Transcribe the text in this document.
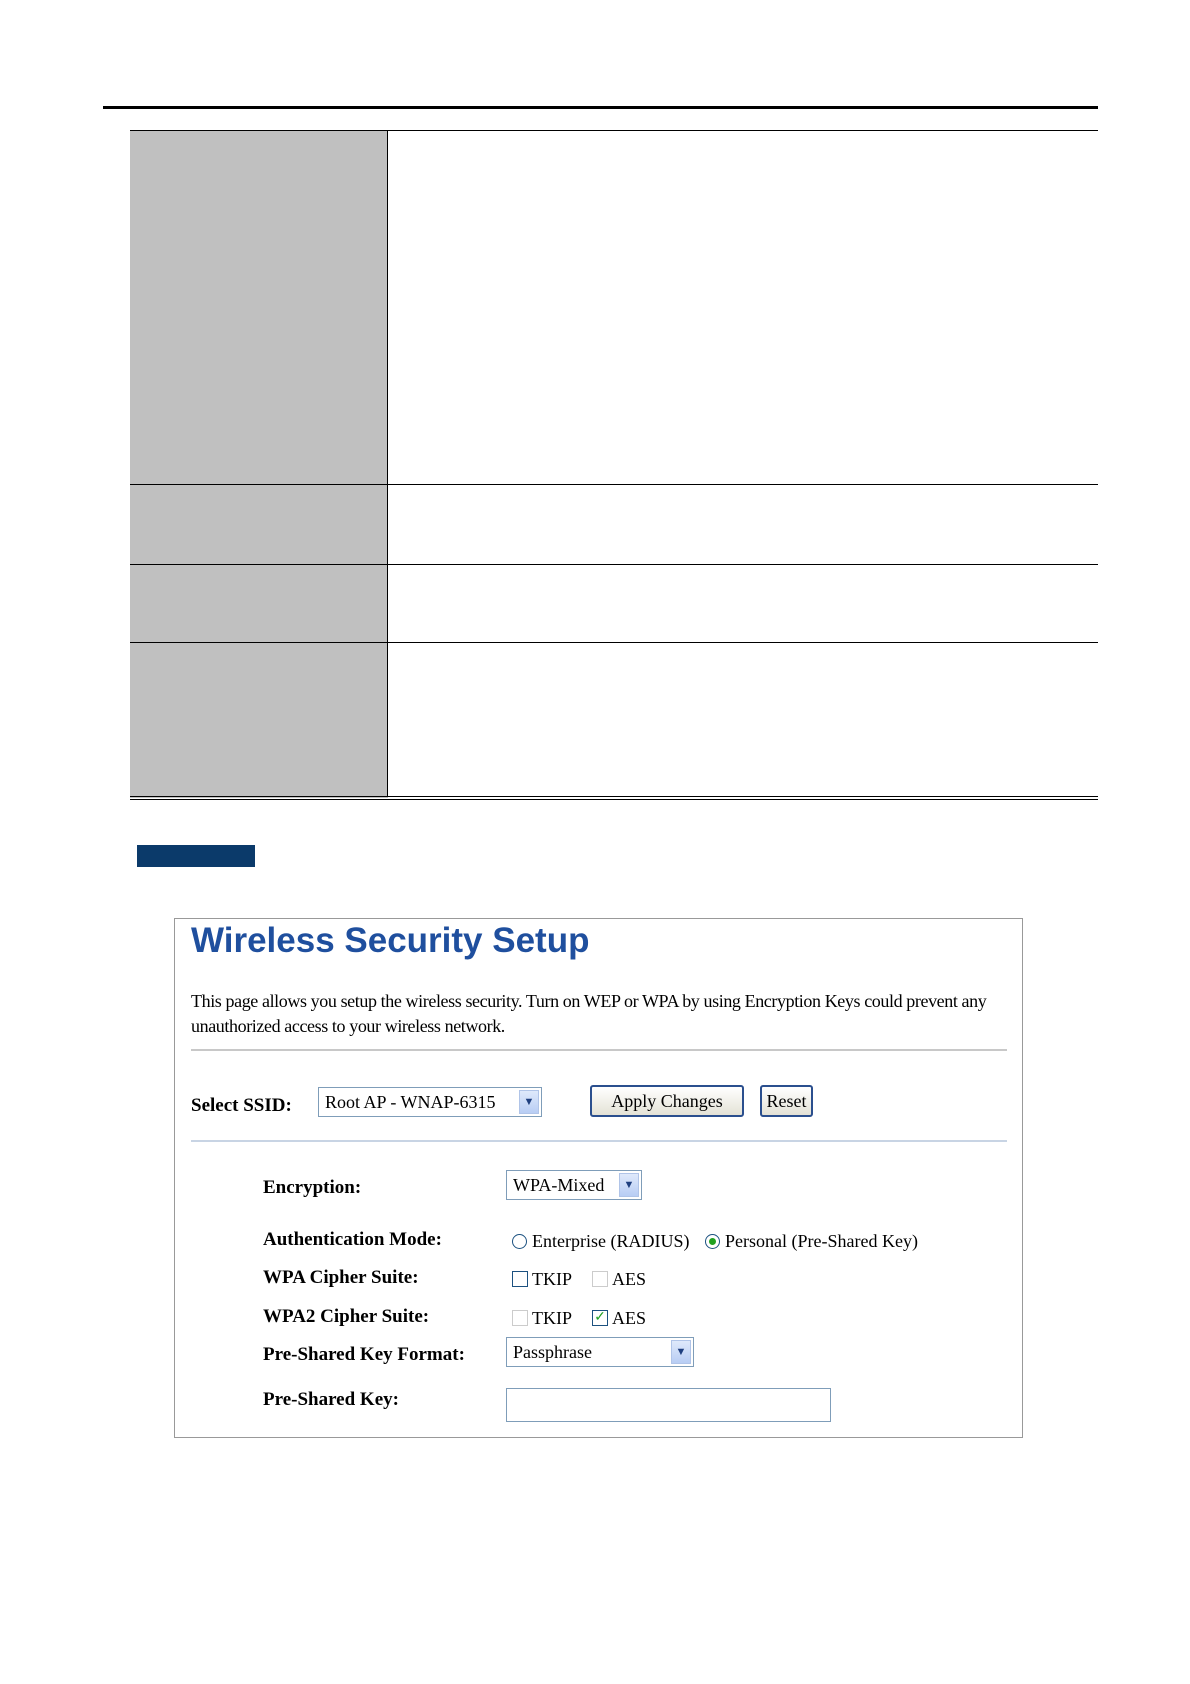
Wireless Security Setup

This page allows you setup the wireless security. Turn on WEP or WPA by using Encryption Keys could prevent any unauthorized access to your wireless network.

Select SSID:	Root AP - WNAP-6315	▼	Apply Changes	Reset
Encryption:	WPA-Mixed	▼
Authentication Mode:	Enterprise (RADIUS) Personal (Pre-Shared Key)
WPA Cipher Suite:	TKIP AES
WPA2 Cipher Suite:	TKIP ✓ AES
Pre-Shared Key Format:	Passphrase	▼
Pre-Shared Key:
